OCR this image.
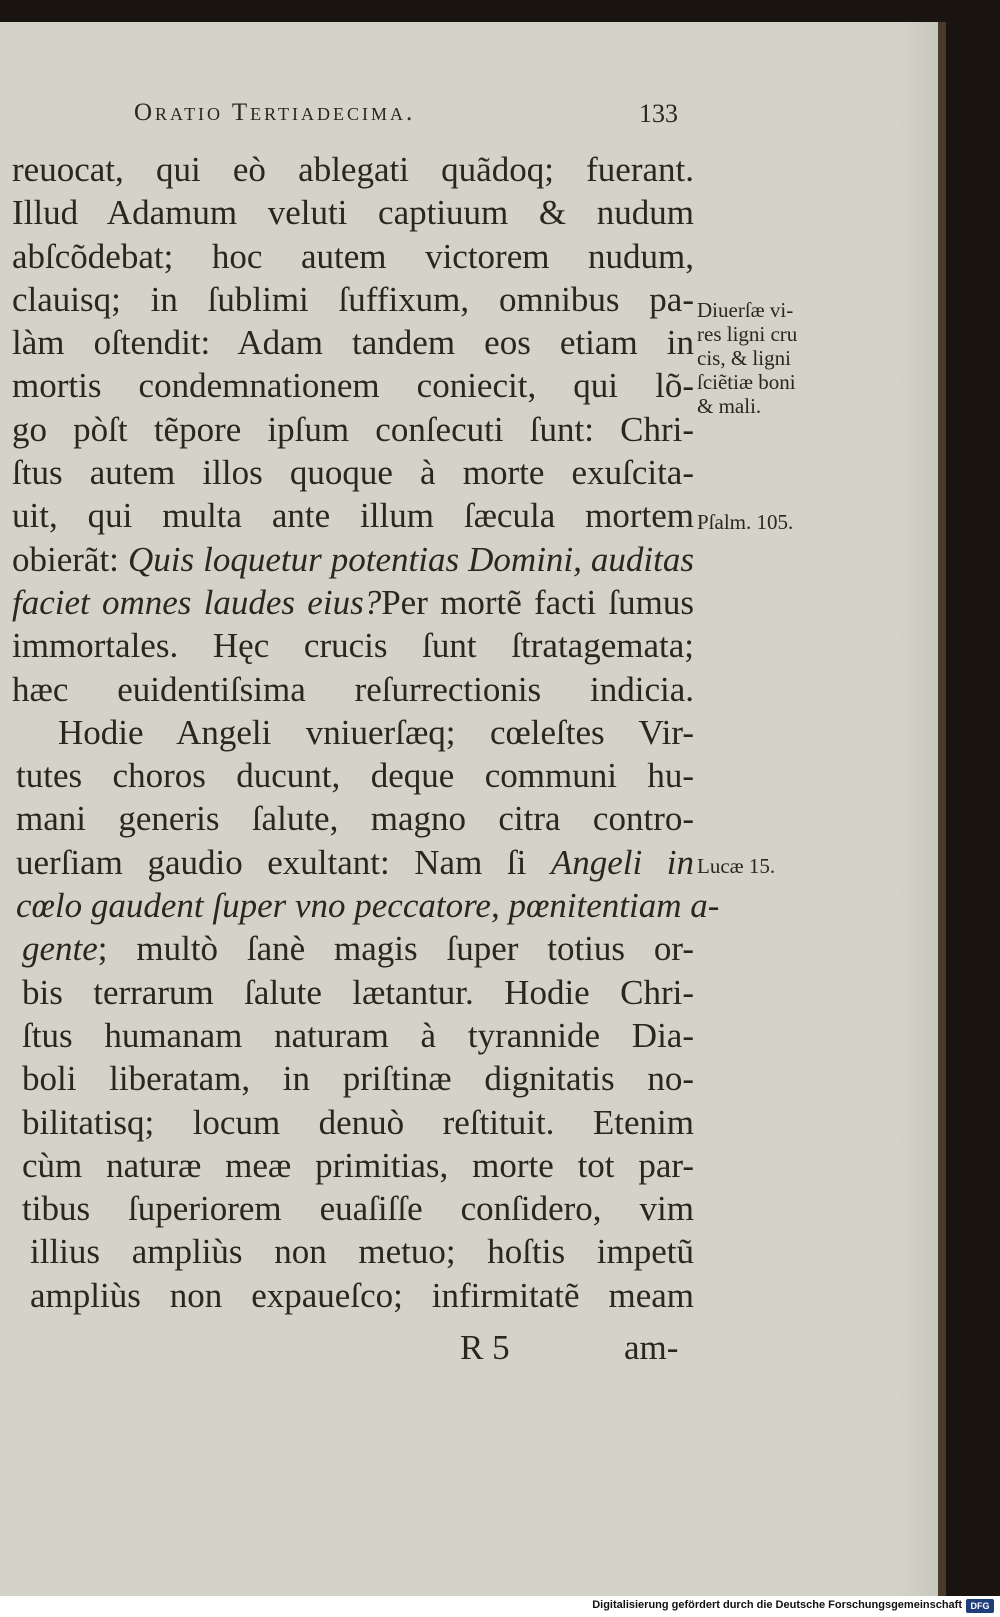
Oratio Tertiadecima.	133
reuocat, qui eò ablegati quãdoq; fuerant.
Illud Adamum veluti captiuum & nudum
abſcõdebat; hoc autem victorem nudum,
clauisq; in ſublimi ſuffixum, omnibus pa-
làm oſtendit: Adam tandem eos etiam in
mortis condemnationem coniecit, qui lõ-
go pòſt tẽpore ipſum conſecuti ſunt: Chri-
ſtus autem illos quoque à morte exuſcita-
uit, qui multa ante illum ſæcula mortem
obierãt: Quis loquetur potentias Domini, auditas
faciet omnes laudes eius?Per mortẽ facti ſumus
immortales. Hęc crucis ſunt ſtratagemata;
hæc euidentiſsima reſurrectionis indicia.
Hodie Angeli vniuerſæq; cœleſtes Vir-
tutes choros ducunt, deque communi hu-
mani generis ſalute, magno citra contro-
uerſiam gaudio exultant: Nam ſi Angeli in
cœlo gaudent ſuper vno peccatore, pœnitentiam a-
gente; multò ſanè magis ſuper totius or-
bis terrarum ſalute lætantur. Hodie Chri-
ſtus humanam naturam à tyrannide Dia-
boli liberatam, in priſtinæ dignitatis no-
bilitatisq; locum denuò reſtituit. Etenim
cùm naturæ meæ primitias, morte tot par-
tibus ſuperiorem euaſiſſe conſidero, vim
illius ampliùs non metuo; hoſtis impetũ
ampliùs non expaueſco; infirmitatẽ meam
Diuerſæ vi-
res ligni cru
cis, & ligni
ſciẽtiæ boni
& mali.
Pſalm. 105.
Lucæ 15.
R 5	am-
Digitalisierung gefördert durch die Deutsche Forschungsgemeinschaft DFG
